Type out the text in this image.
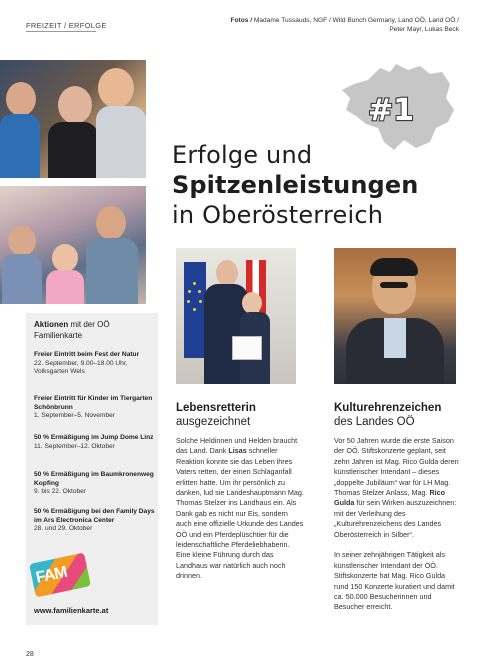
FREIZEIT / ERFOLGE
Fotos / Madame Tussauds, NGF / Wild Bunch Germany, Land OÖ, Land OÖ / Peter Mayr, Lukas Beck
Aktionen mit der OÖ Familienkarte
Freier Eintritt beim Fest der Natur
22. September, 9.00–18.00 Uhr, Volksgarten Wels
Freier Eintritt für Kinder im Tiergarten Schönbrunn
1. September–5. November
50 % Ermäßigung im Jump Dome Linz
11. September–12. Oktober
50 % Ermäßigung im Baumkronenweg Kopfing
9. bis 22. Oktober
50 % Ermäßigung bei den Family Days im Ars Electronica Center
28. und 29. Oktober
FAM
www.familienkarte.at
#1
Erfolge und
Spitzenleistungen
in Oberösterreich
Lebensretterin
ausgezeichnet

Solche Heldinnen und Helden braucht das Land. Dank Lisas schneller Reaktion konnte sie das Leben ihres Vaters retten, der einen Schlaganfall erlitten hatte. Um ihr persönlich zu danken, lud sie Landeshauptmann Mag. Thomas Stelzer ins Landhaus ein. Als Dank gab es nicht nur Eis, sondern auch eine offizielle Urkunde des Landes OÖ und ein Pferdeplüschtier für die leidenschaftliche Pferdeliebhaberin. Eine kleine Führung durch das Landhaus war natürlich auch noch drinnen.

Kulturehrenzeichen
des Landes OÖ

Vor 50 Jahren wurde die erste Saison der OÖ. Stiftskonzerte geplant, seit zehn Jahren ist Mag. Rico Gulda deren künstlerischer Intendant – dieses „doppelte Jubiläum“ war für LH Mag. Thomas Stelzer Anlass, Mag. Rico Gulda für sein Wirken auszuzeichnen: mit der Verleihung des „Kulturehrenzeichens des Landes Oberösterreich in Silber“.

In seiner zehnjährigen Tätigkeit als künstlerischer Intendant der OÖ. Stiftskonzerte hat Mag. Rico Gulda rund 150 Konzerte kuratiert und damit ca. 50.000 Besucherinnen und Besucher erreicht.

28
